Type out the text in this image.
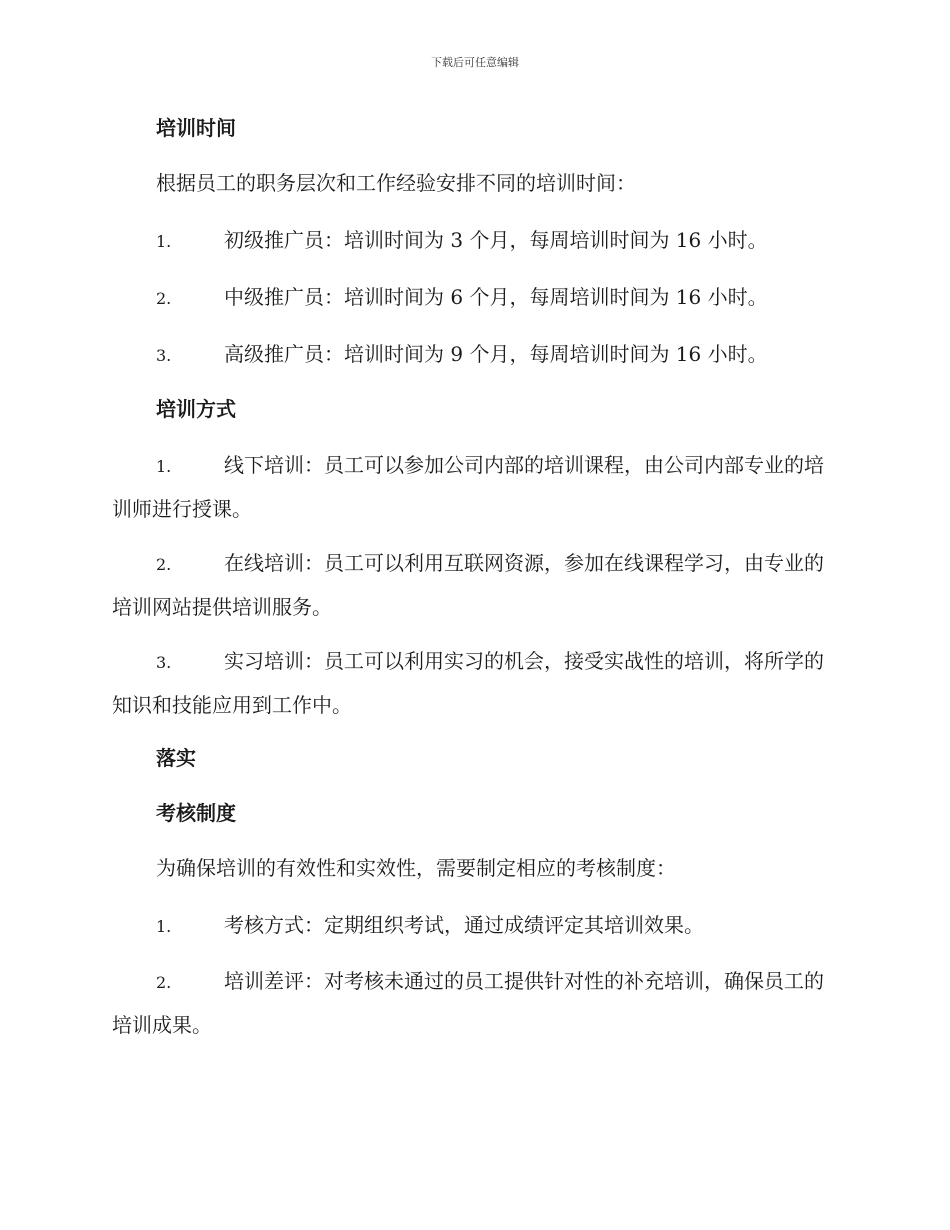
下载后可任意编辑
培训时间

根据员工的职务层次和工作经验安排不同的培训时间：

1.	初级推广员：培训时间为 3 个月，每周培训时间为 16 小时。

2.	中级推广员：培训时间为 6 个月，每周培训时间为 16 小时。

3.	高级推广员：培训时间为 9 个月，每周培训时间为 16 小时。

培训方式

1.	线下培训：员工可以参加公司内部的培训课程，由公司内部专业的培训师进行授课。

2.	在线培训：员工可以利用互联网资源，参加在线课程学习，由专业的培训网站提供培训服务。

3.	实习培训：员工可以利用实习的机会，接受实战性的培训，将所学的知识和技能应用到工作中。

落实
考核制度

为确保培训的有效性和实效性，需要制定相应的考核制度：

1.	考核方式：定期组织考试，通过成绩评定其培训效果。

2.	培训差评：对考核未通过的员工提供针对性的补充培训，确保员工的培训成果。
